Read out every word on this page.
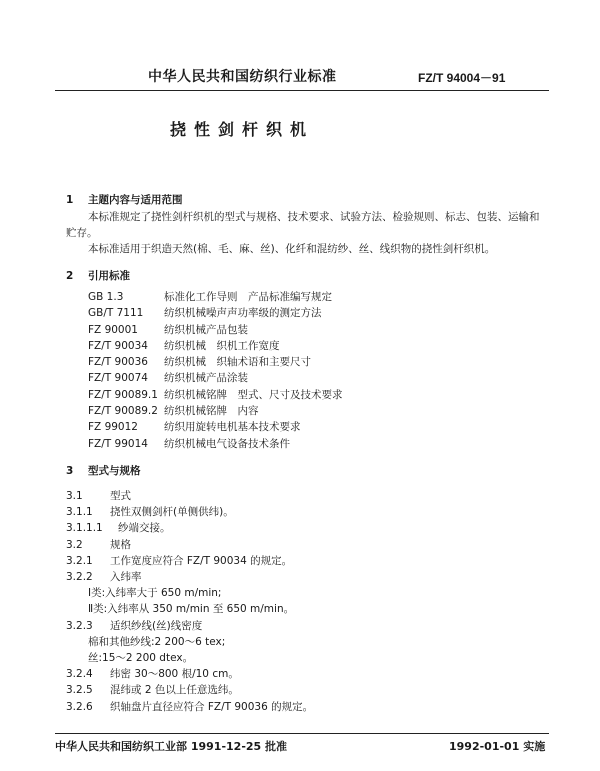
中华人民共和国纺织行业标准	FZ/T 94004－91
挠性剑杆织机
1 主题内容与适用范围

本标准规定了挠性剑杆织机的型式与规格、技术要求、试验方法、检验规则、标志、包装、运输和贮存。

本标准适用于织造天然(棉、毛、麻、丝)、化纤和混纺纱、丝、线织物的挠性剑杆织机。

2 引用标准
GB 1.3	标准化工作导则　产品标准编写规定
GB/T 7111 纺织机械噪声声功率级的测定方法
FZ 90001 纺织机械产品包装
FZ/T 90034 纺织机械　织机工作宽度
FZ/T 90036 纺织机械　织轴术语和主要尺寸
FZ/T 90074 纺织机械产品涂装
FZ/T 90089.1 纺织机械铭牌　型式、尺寸及技术要求
FZ/T 90089.2 纺织机械铭牌　内容
FZ 99012 纺织用旋转电机基本技术要求
FZ/T 99014 纺织机械电气设备技术条件
3 型式与规格

3.1	型式

3.1.1 挠性双侧剑杆(单侧供纬)。

3.1.1.1 纱端交接。

3.2	规格

3.2.1 工作宽度应符合 FZ/T 90034 的规定。

3.2.2 入纬率

Ⅰ类:入纬率大于 650 m/min;

Ⅱ类:入纬率从 350 m/min 至 650 m/min。

3.2.3 适织纱线(丝)线密度

棉和其他纱线:2 200～6 tex;

丝:15～2 200 dtex。

3.2.4 纬密 30～800 根/10 cm。

3.2.5 混纬或 2 色以上任意选纬。

3.2.6 织轴盘片直径应符合 FZ/T 90036 的规定。

中华人民共和国纺织工业部 1991-12-25 批准	1992-01-01 实施
